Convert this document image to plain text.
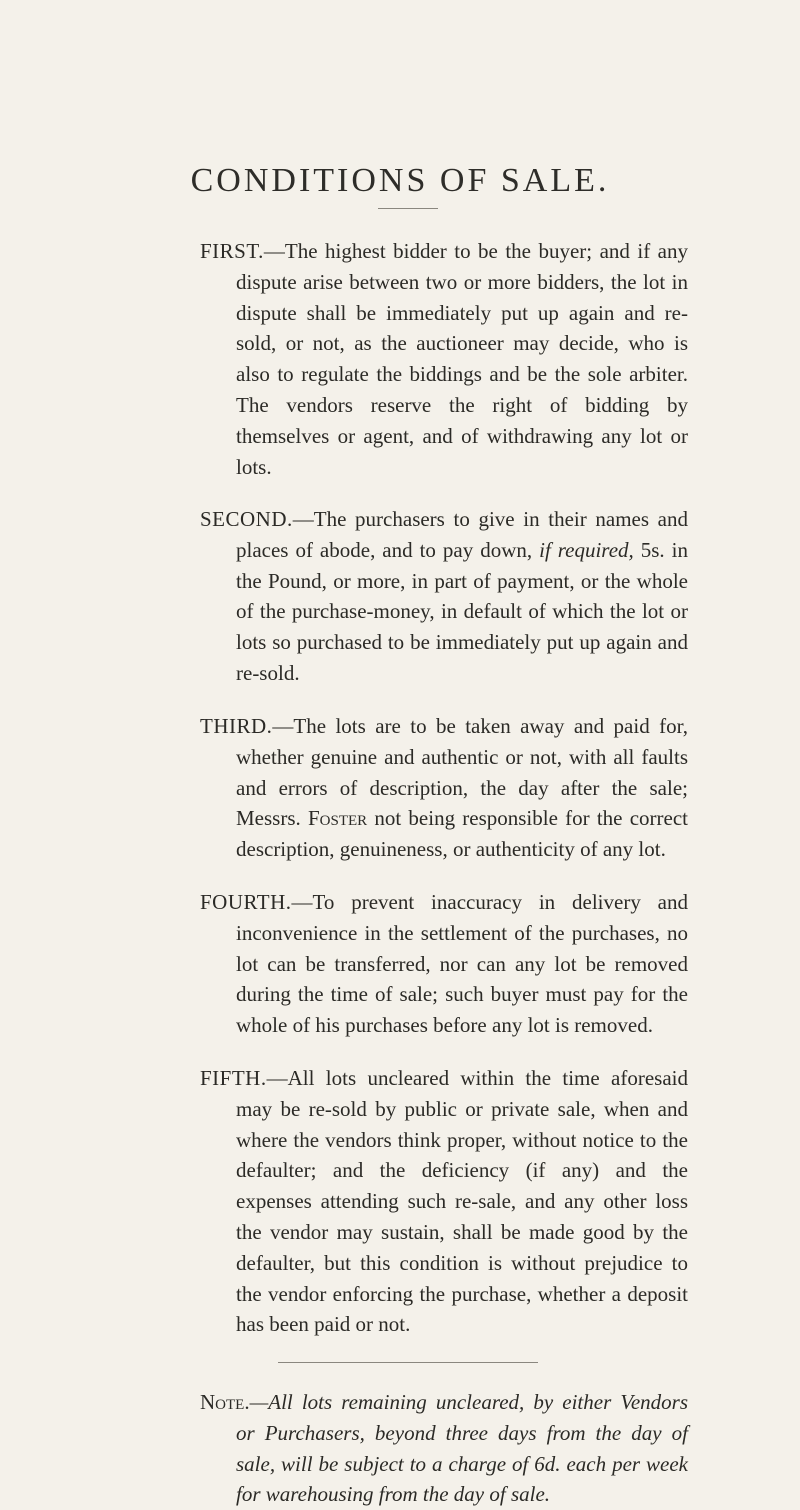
CONDITIONS OF SALE.

FIRST.—The highest bidder to be the buyer; and if any dispute arise between two or more bidders, the lot in dispute shall be immediately put up again and re-sold, or not, as the auctioneer may decide, who is also to regulate the biddings and be the sole arbiter. The vendors reserve the right of bidding by themselves or agent, and of withdrawing any lot or lots.

SECOND.—The purchasers to give in their names and places of abode, and to pay down, if required, 5s. in the Pound, or more, in part of payment, or the whole of the purchase-money, in default of which the lot or lots so purchased to be immediately put up again and re-sold.

THIRD.—The lots are to be taken away and paid for, whether genuine and authentic or not, with all faults and errors of description, the day after the sale; Messrs. Foster not being responsible for the correct description, genuineness, or authenticity of any lot.

FOURTH.—To prevent inaccuracy in delivery and inconvenience in the settlement of the purchases, no lot can be transferred, nor can any lot be removed during the time of sale; such buyer must pay for the whole of his purchases before any lot is removed.

FIFTH.—All lots uncleared within the time aforesaid may be re-sold by public or private sale, when and where the vendors think proper, without notice to the defaulter; and the deficiency (if any) and the expenses attending such re-sale, and any other loss the vendor may sustain, shall be made good by the defaulter, but this condition is without prejudice to the vendor enforcing the purchase, whether a deposit has been paid or not.

Note.—All lots remaining uncleared, by either Vendors or Purchasers, beyond three days from the day of sale, will be subject to a charge of 6d. each per week for warehousing from the day of sale.
